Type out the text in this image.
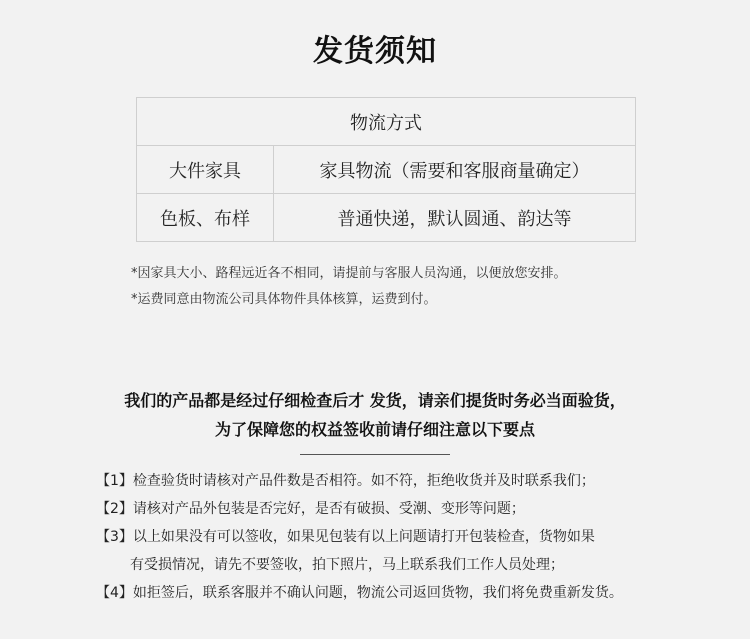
发货须知
物流方式	
大件家具	家具物流（需要和客服商量确定）
色板、布样	普通快递，默认圆通、韵达等
*因家具大小、路程远近各不相同，请提前与客服人员沟通，以便放您安排。
*运费同意由物流公司具体物件具体核算，运费到付。
我们的产品都是经过仔细检查后才 发货，请亲们提货时务必当面验货，
为了保障您的权益签收前请仔细注意以下要点
【1】检查验货时请核对产品件数是否相符。如不符，拒绝收货并及时联系我们；
【2】请核对产品外包装是否完好，是否有破损、受潮、变形等问题；
【3】以上如果没有可以签收，如果见包装有以上问题请打开包装检查，货物如果
有受损情况，请先不要签收，拍下照片，马上联系我们工作人员处理；
【4】如拒签后，联系客服并不确认问题，物流公司返回货物，我们将免费重新发货。
